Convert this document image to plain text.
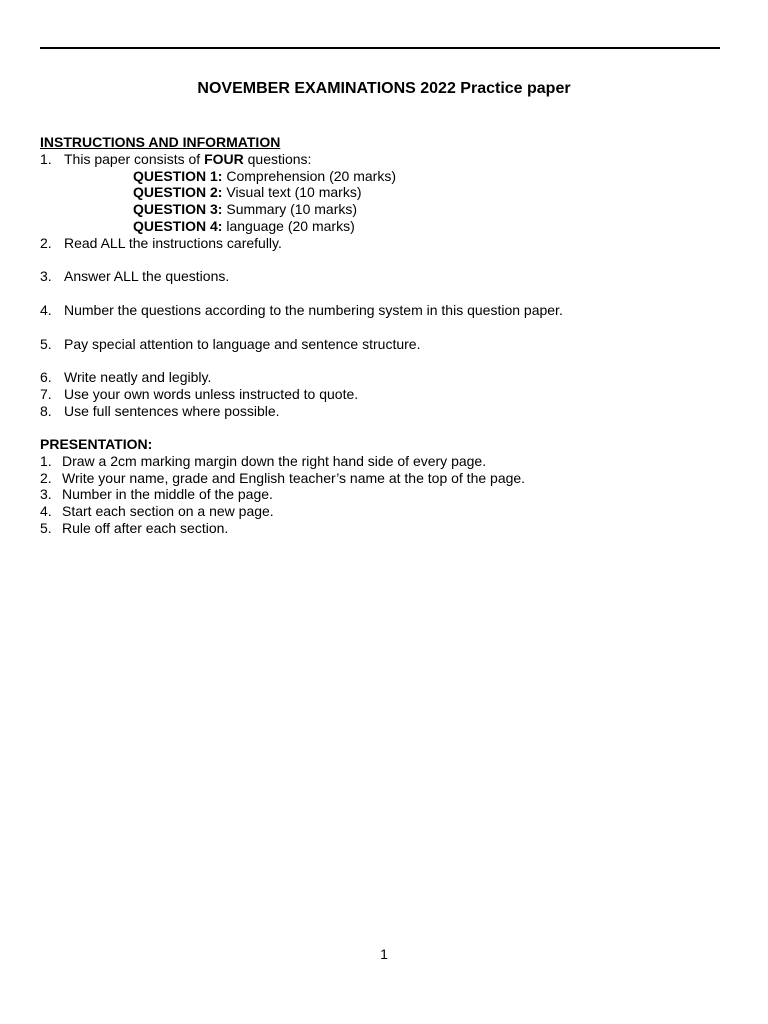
NOVEMBER EXAMINATIONS 2022 Practice paper
INSTRUCTIONS AND INFORMATION
1. This paper consists of FOUR questions:
QUESTION 1: Comprehension (20 marks)
QUESTION 2: Visual text (10 marks)
QUESTION 3: Summary (10 marks)
QUESTION 4: language (20 marks)
2. Read ALL the instructions carefully.
3. Answer ALL the questions.
4. Number the questions according to the numbering system in this question paper.
5. Pay special attention to language and sentence structure.
6. Write neatly and legibly.
7. Use your own words unless instructed to quote.
8. Use full sentences where possible.
PRESENTATION:
1. Draw a 2cm marking margin down the right hand side of every page.
2. Write your name, grade and English teacher’s name at the top of the page.
3. Number in the middle of the page.
4. Start each section on a new page.
5. Rule off after each section.
1
